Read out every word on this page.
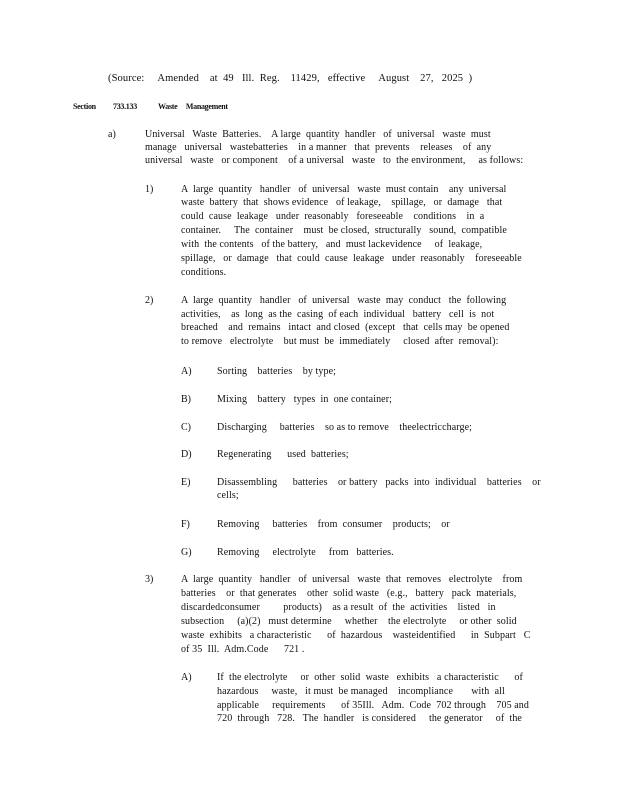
(Source:     Amended    at  49   Ill.  Reg.    11429,   effective     August    27,   2025  )
Section 733.133	Waste     Management
a)	Universal   Waste  Batteries.    A large  quantity  handler   of  universal   waste  must
manage   universal   wastebatteries    in a manner   that  prevents    releases    of  any
universal   waste   or component    of a universal   waste   to  the environment,     as follows:
1)	A  large  quantity   handler   of  universal   waste  must contain    any  universal
waste  battery  that  shows evidence   of leakage,    spillage,   or  damage   that
could  cause  leakage   under  reasonably   foreseeable    conditions    in  a
container.     The  container    must  be closed,  structurally   sound,  compatible
with  the contents   of the battery,   and  must lackevidence     of  leakage,
spillage,   or  damage   that  could  cause  leakage   under  reasonably    foreseeable
conditions.
2)	A  large  quantity   handler   of  universal   waste  may  conduct   the  following
activities,    as  long  as the  casing  of each  individual   battery   cell  is  not
breached    and  remains   intact  and closed  (except   that  cells may  be opened
to remove   electrolyte    but must  be  immediately     closed  after  removal):
A)	Sorting    batteries    by type;
B)	Mixing    battery   types  in  one container;
C)	Discharging     batteries    so as to remove    theelectriccharge;
D)	Regenerating      used  batteries;
E)	Disassembling      batteries    or battery   packs  into  individual    batteries    or
cells;
F)	Removing     batteries    from  consumer    products;    or
G)	Removing     electrolyte     from   batteries.
3)	A  large  quantity   handler   of  universal   waste  that  removes   electrolyte    from
batteries    or  that generates    other  solid waste   (e.g.,   battery   pack  materials,
discardedconsumer         products)    as a result  of  the  activities    listed   in
subsection     (a)(2)   must determine     whether    the electrolyte     or other  solid
waste  exhibits   a characteristic      of  hazardous    wasteidentified      in  Subpart   C
of 35  Ill.  Adm.Code      721 .
A)	If  the electrolyte     or  other  solid  waste   exhibits   a characteristic      of
hazardous     waste,   it must  be managed    incompliance       with  all
applicable     requirements      of 35Ill.   Adm.  Code  702 through    705 and
720  through   728.   The  handler   is considered     the generator     of  the
